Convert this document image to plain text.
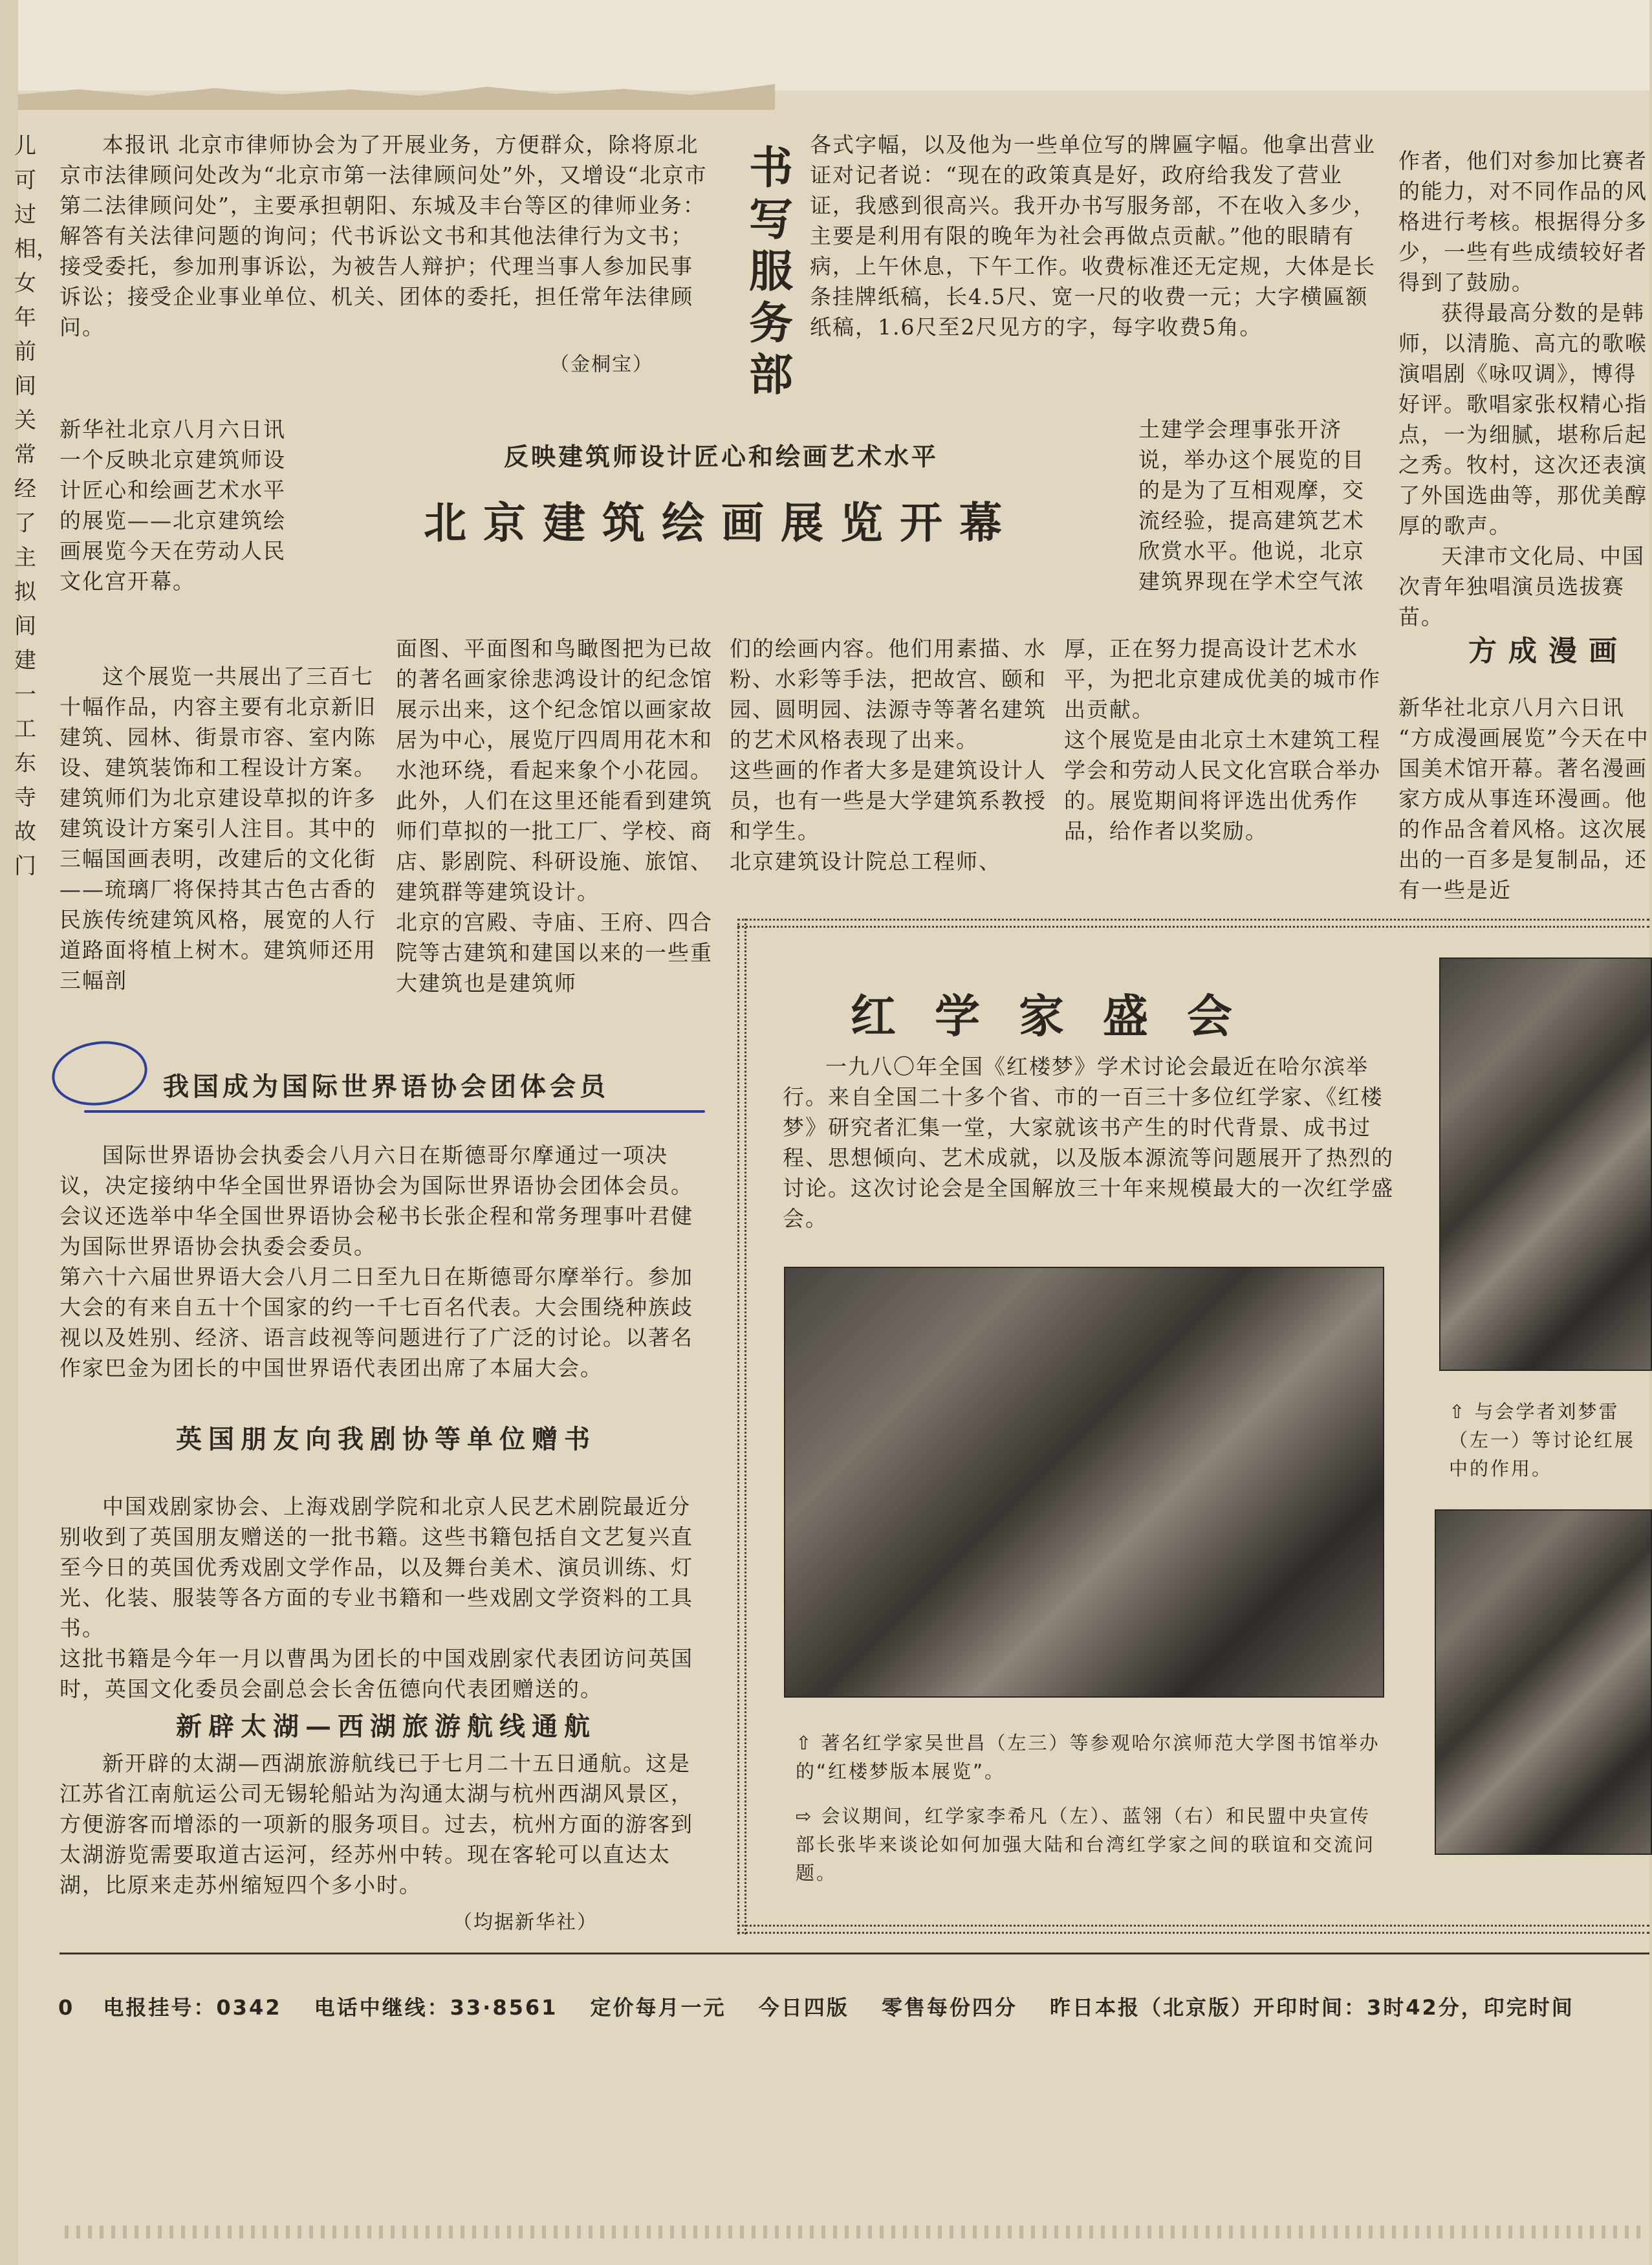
儿可过相，女年前间关常经了主拟间建一工东寺故门

本报讯 北京市律师协会为了开展业务，方便群众，除将原北京市法律顾问处改为“北京市第一法律顾问处”外，又增设“北京市第二法律顾问处”，主要承担朝阳、东城及丰台等区的律师业务：解答有关法律问题的询问；代书诉讼文书和其他法律行为文书；接受委托，参加刑事诉讼，为被告人辩护；代理当事人参加民事诉讼；接受企业事业单位、机关、团体的委托，担任常年法律顾问。

（金桐宝）
书写服务部

各式字幅，以及他为一些单位写的牌匾字幅。他拿出营业证对记者说：“现在的政策真是好，政府给我发了营业证，我感到很高兴。我开办书写服务部，不在收入多少，主要是利用有限的晚年为社会再做点贡献。”他的眼睛有病，上午休息，下午工作。收费标准还无定规，大体是长条挂牌纸稿，长4.5尺、宽一尺的收费一元；大字横匾额纸稿，1.6尺至2尺见方的字，每字收费5角。

作者，他们对参加比赛者的能力，对不同作品的风格进行考核。根据得分多少，一些有些成绩较好者得到了鼓励。

获得最高分数的是韩师，以清脆、高亢的歌喉演唱剧《咏叹调》，博得好评。歌唱家张权精心指点，一为细腻，堪称后起之秀。牧村，这次还表演了外国选曲等，那优美醇厚的歌声。

天津市文化局、中国次青年独唱演员选拔赛苗。

新华社北京八月六日讯 一个反映北京建筑师设计匠心和绘画艺术水平的展览——北京建筑绘画展览今天在劳动人民文化宫开幕。

反映建筑师设计匠心和绘画艺术水平
北京建筑绘画展览开幕

土建学会理事张开济说，举办这个展览的目的是为了互相观摩，交流经验，提高建筑艺术欣赏水平。他说，北京建筑界现在学术空气浓

这个展览一共展出了三百七十幅作品，内容主要有北京新旧建筑、园林、街景市容、室内陈设、建筑装饰和工程设计方案。
建筑师们为北京建设草拟的许多建筑设计方案引人注目。其中的三幅国画表明，改建后的文化街——琉璃厂将保持其古色古香的民族传统建筑风格，展宽的人行道路面将植上树木。建筑师还用三幅剖

面图、平面图和鸟瞰图把为已故的著名画家徐悲鸿设计的纪念馆展示出来，这个纪念馆以画家故居为中心，展览厅四周用花木和水池环绕，看起来象个小花园。此外，人们在这里还能看到建筑师们草拟的一批工厂、学校、商店、影剧院、科研设施、旅馆、建筑群等建筑设计。
北京的宫殿、寺庙、王府、四合院等古建筑和建国以来的一些重大建筑也是建筑师

们的绘画内容。他们用素描、水粉、水彩等手法，把故宫、颐和园、圆明园、法源寺等著名建筑的艺术风格表现了出来。
这些画的作者大多是建筑设计人员，也有一些是大学建筑系教授和学生。
北京建筑设计院总工程师、

厚，正在努力提高设计艺术水平，为把北京建成优美的城市作出贡献。
这个展览是由北京土木建筑工程学会和劳动人民文化宫联合举办的。展览期间将评选出优秀作品，给作者以奖励。

方成漫画

新华社北京八月六日讯 “方成漫画展览”今天在中国美术馆开幕。著名漫画家方成从事连环漫画。他的作品含着风格。这次展出的一百多是复制品，还有一些是近

我国成为国际世界语协会团体会员

国际世界语协会执委会八月六日在斯德哥尔摩通过一项决议，决定接纳中华全国世界语协会为国际世界语协会团体会员。会议还选举中华全国世界语协会秘书长张企程和常务理事叶君健为国际世界语协会执委会委员。
第六十六届世界语大会八月二日至九日在斯德哥尔摩举行。参加大会的有来自五十个国家的约一千七百名代表。大会围绕种族歧视以及姓别、经济、语言歧视等问题进行了广泛的讨论。以著名作家巴金为团长的中国世界语代表团出席了本届大会。

英国朋友向我剧协等单位赠书

中国戏剧家协会、上海戏剧学院和北京人民艺术剧院最近分别收到了英国朋友赠送的一批书籍。这些书籍包括自文艺复兴直至今日的英国优秀戏剧文学作品，以及舞台美术、演员训练、灯光、化装、服装等各方面的专业书籍和一些戏剧文学资料的工具书。
这批书籍是今年一月以曹禺为团长的中国戏剧家代表团访问英国时，英国文化委员会副总会长舍伍德向代表团赠送的。

新辟太湖—西湖旅游航线通航

新开辟的太湖—西湖旅游航线已于七月二十五日通航。这是江苏省江南航运公司无锡轮船站为沟通太湖与杭州西湖风景区，方便游客而增添的一项新的服务项目。过去，杭州方面的游客到太湖游览需要取道古运河，经苏州中转。现在客轮可以直达太湖，比原来走苏州缩短四个多小时。

（均据新华社）
红学家盛会

一九八〇年全国《红楼梦》学术讨论会最近在哈尔滨举行。来自全国二十多个省、市的一百三十多位红学家、《红楼梦》研究者汇集一堂，大家就该书产生的时代背景、成书过程、思想倾向、艺术成就，以及版本源流等问题展开了热烈的讨论。这次讨论会是全国解放三十年来规模最大的一次红学盛会。

⇧ 著名红学家吴世昌（左三）等参观哈尔滨师范大学图书馆举办的“红楼梦版本展览”。
⇨ 会议期间，红学家李希凡（左）、蓝翎（右）和民盟中央宣传部长张毕来谈论如何加强大陆和台湾红学家之间的联谊和交流问题。
⇧ 与会学者刘梦雷（左一）等讨论红展中的作用。
0 电报挂号：0342 电话中继线：33·8561 定价每月一元 今日四版 零售每份四分 昨日本报（北京版）开印时间：3时42分，印完时间
